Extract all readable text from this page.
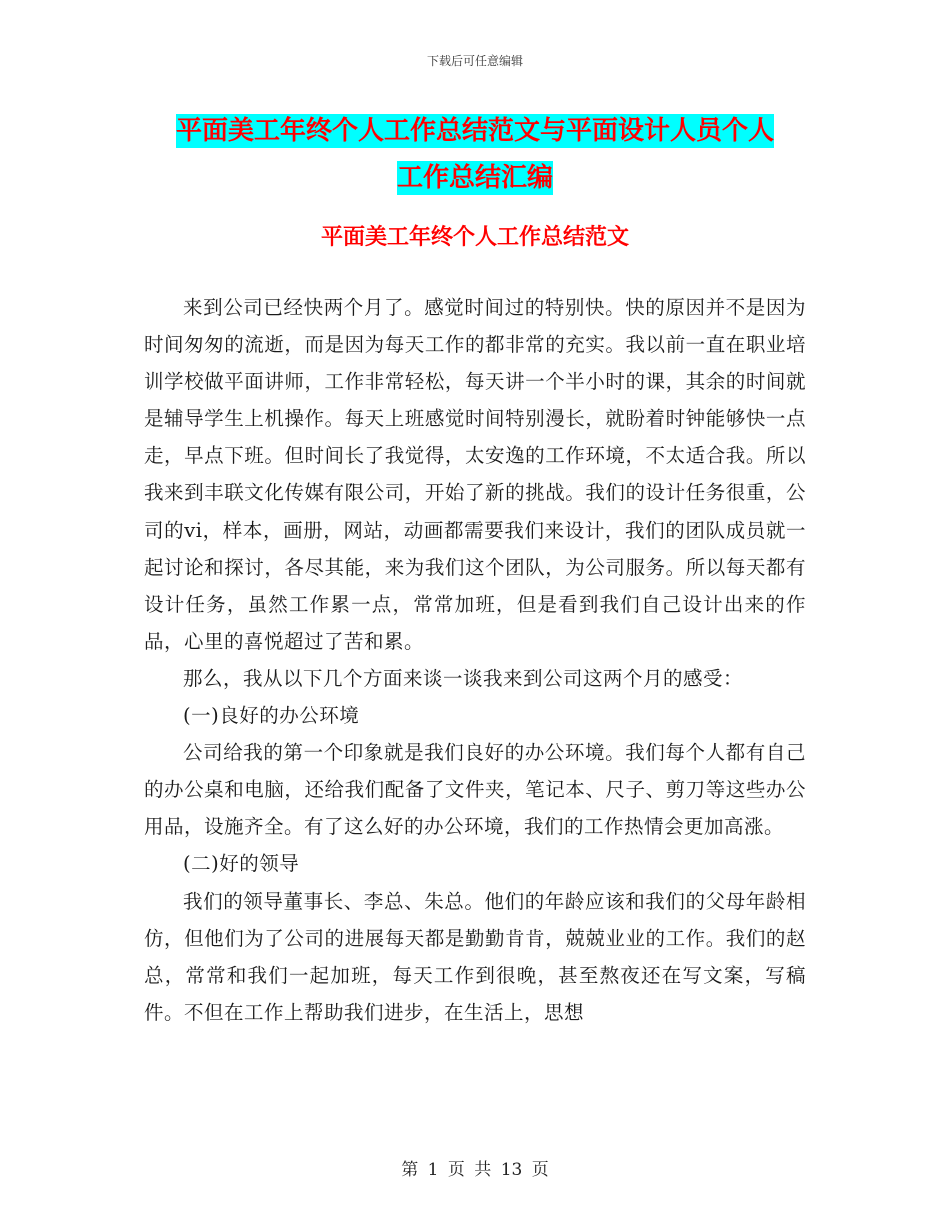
下载后可任意编辑
平面美工年终个人工作总结范文与平面设计人员个人
工作总结汇编
平面美工年终个人工作总结范文

来到公司已经快两个月了。感觉时间过的特别快。快的原因并不是因为时间匆匆的流逝，而是因为每天工作的都非常的充实。我以前一直在职业培训学校做平面讲师，工作非常轻松，每天讲一个半小时的课，其余的时间就是辅导学生上机操作。每天上班感觉时间特别漫长，就盼着时钟能够快一点走，早点下班。但时间长了我觉得，太安逸的工作环境，不太适合我。所以我来到丰联文化传媒有限公司，开始了新的挑战。我们的设计任务很重，公司的vi，样本，画册，网站，动画都需要我们来设计，我们的团队成员就一起讨论和探讨，各尽其能，来为我们这个团队，为公司服务。所以每天都有设计任务，虽然工作累一点，常常加班，但是看到我们自己设计出来的作品，心里的喜悦超过了苦和累。

那么，我从以下几个方面来谈一谈我来到公司这两个月的感受：

(一)良好的办公环境

公司给我的第一个印象就是我们良好的办公环境。我们每个人都有自己的办公桌和电脑，还给我们配备了文件夹，笔记本、尺子、剪刀等这些办公用品，设施齐全。有了这么好的办公环境，我们的工作热情会更加高涨。

(二)好的领导

我们的领导董事长、李总、朱总。他们的年龄应该和我们的父母年龄相仿，但他们为了公司的进展每天都是勤勤肯肯，兢兢业业的工作。我们的赵总，常常和我们一起加班，每天工作到很晚，甚至熬夜还在写文案，写稿件。不但在工作上帮助我们进步，在生活上，思想

第 1 页 共 13 页
